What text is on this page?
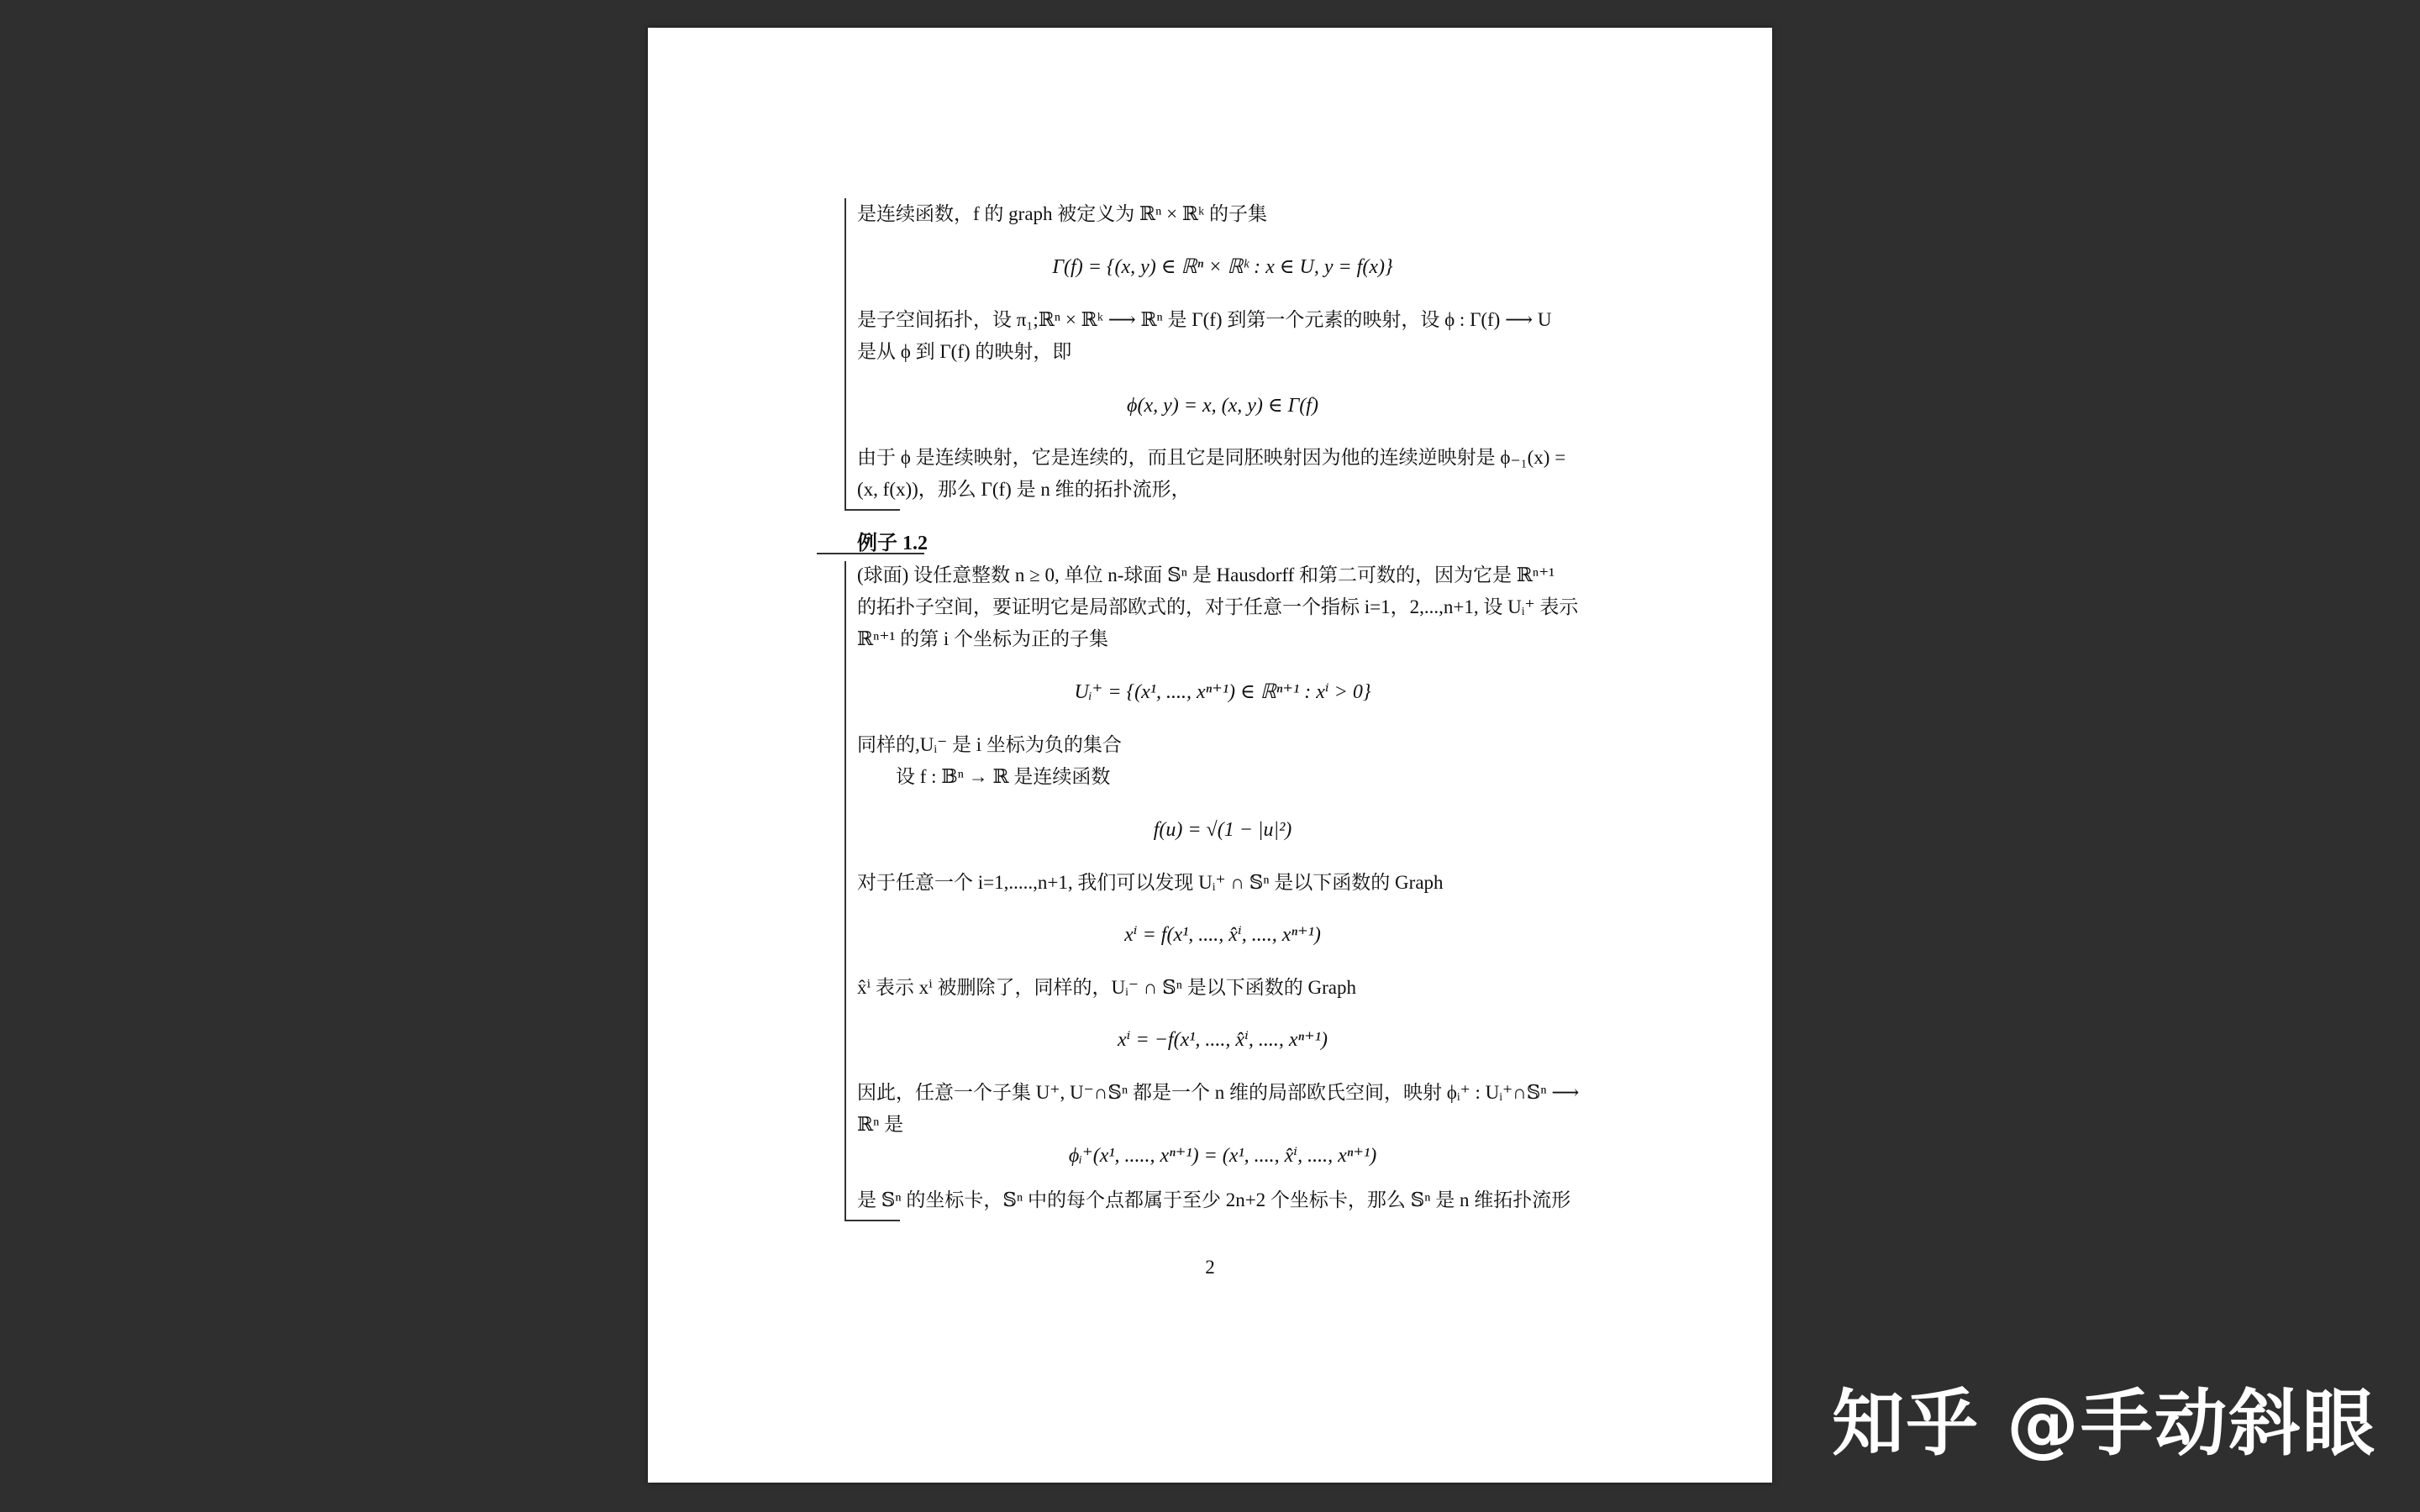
是连续函数，f 的 graph 被定义为 ℝⁿ × ℝᵏ 的子集
Γ(f) = {(x, y) ∈ ℝⁿ × ℝᵏ : x ∈ U, y = f(x)}
是子空间拓扑，设 π₁;ℝⁿ × ℝᵏ ⟶ ℝⁿ 是 Γ(f) 到第一个元素的映射，设 ϕ : Γ(f) ⟶ U
是从 ϕ 到 Γ(f) 的映射，即
ϕ(x, y) = x, (x, y) ∈ Γ(f)
由于 ϕ 是连续映射，它是连续的，而且它是同胚映射因为他的连续逆映射是 ϕ₋₁(x) =
(x, f(x))，那么 Γ(f) 是 n 维的拓扑流形，
例子 1.2
(球面) 设任意整数 n ≥ 0, 单位 n-球面 𝕊ⁿ 是 Hausdorff 和第二可数的，因为它是 ℝⁿ⁺¹
的拓扑子空间，要证明它是局部欧式的，对于任意一个指标 i=1，2,...,n+1, 设 Uᵢ⁺ 表示
ℝⁿ⁺¹ 的第 i 个坐标为正的子集
Uᵢ⁺ = {(x¹, ...., xⁿ⁺¹) ∈ ℝⁿ⁺¹ : xⁱ > 0}
同样的,Uᵢ⁻ 是 i 坐标为负的集合
设 f : 𝔹ⁿ → ℝ 是连续函数
f(u) = √(1 − |u|²)
对于任意一个 i=1,.....,n+1, 我们可以发现 Uᵢ⁺ ∩ 𝕊ⁿ 是以下函数的 Graph
xⁱ = f(x¹, ...., x̂ⁱ, ...., xⁿ⁺¹)
x̂ⁱ 表示 xⁱ 被删除了，同样的，Uᵢ⁻ ∩ 𝕊ⁿ 是以下函数的 Graph
xⁱ = −f(x¹, ...., x̂ⁱ, ...., xⁿ⁺¹)
因此，任意一个子集 U⁺, U⁻∩𝕊ⁿ 都是一个 n 维的局部欧氏空间，映射 ϕᵢ⁺ : Uᵢ⁺∩𝕊ⁿ ⟶
ℝⁿ 是
ϕᵢ⁺(x¹, ....., xⁿ⁺¹) = (x¹, ...., x̂ⁱ, ...., xⁿ⁺¹)
是 𝕊ⁿ 的坐标卡，𝕊ⁿ 中的每个点都属于至少 2n+2 个坐标卡，那么 𝕊ⁿ 是 n 维拓扑流形
2
知乎 @手动斜眼
